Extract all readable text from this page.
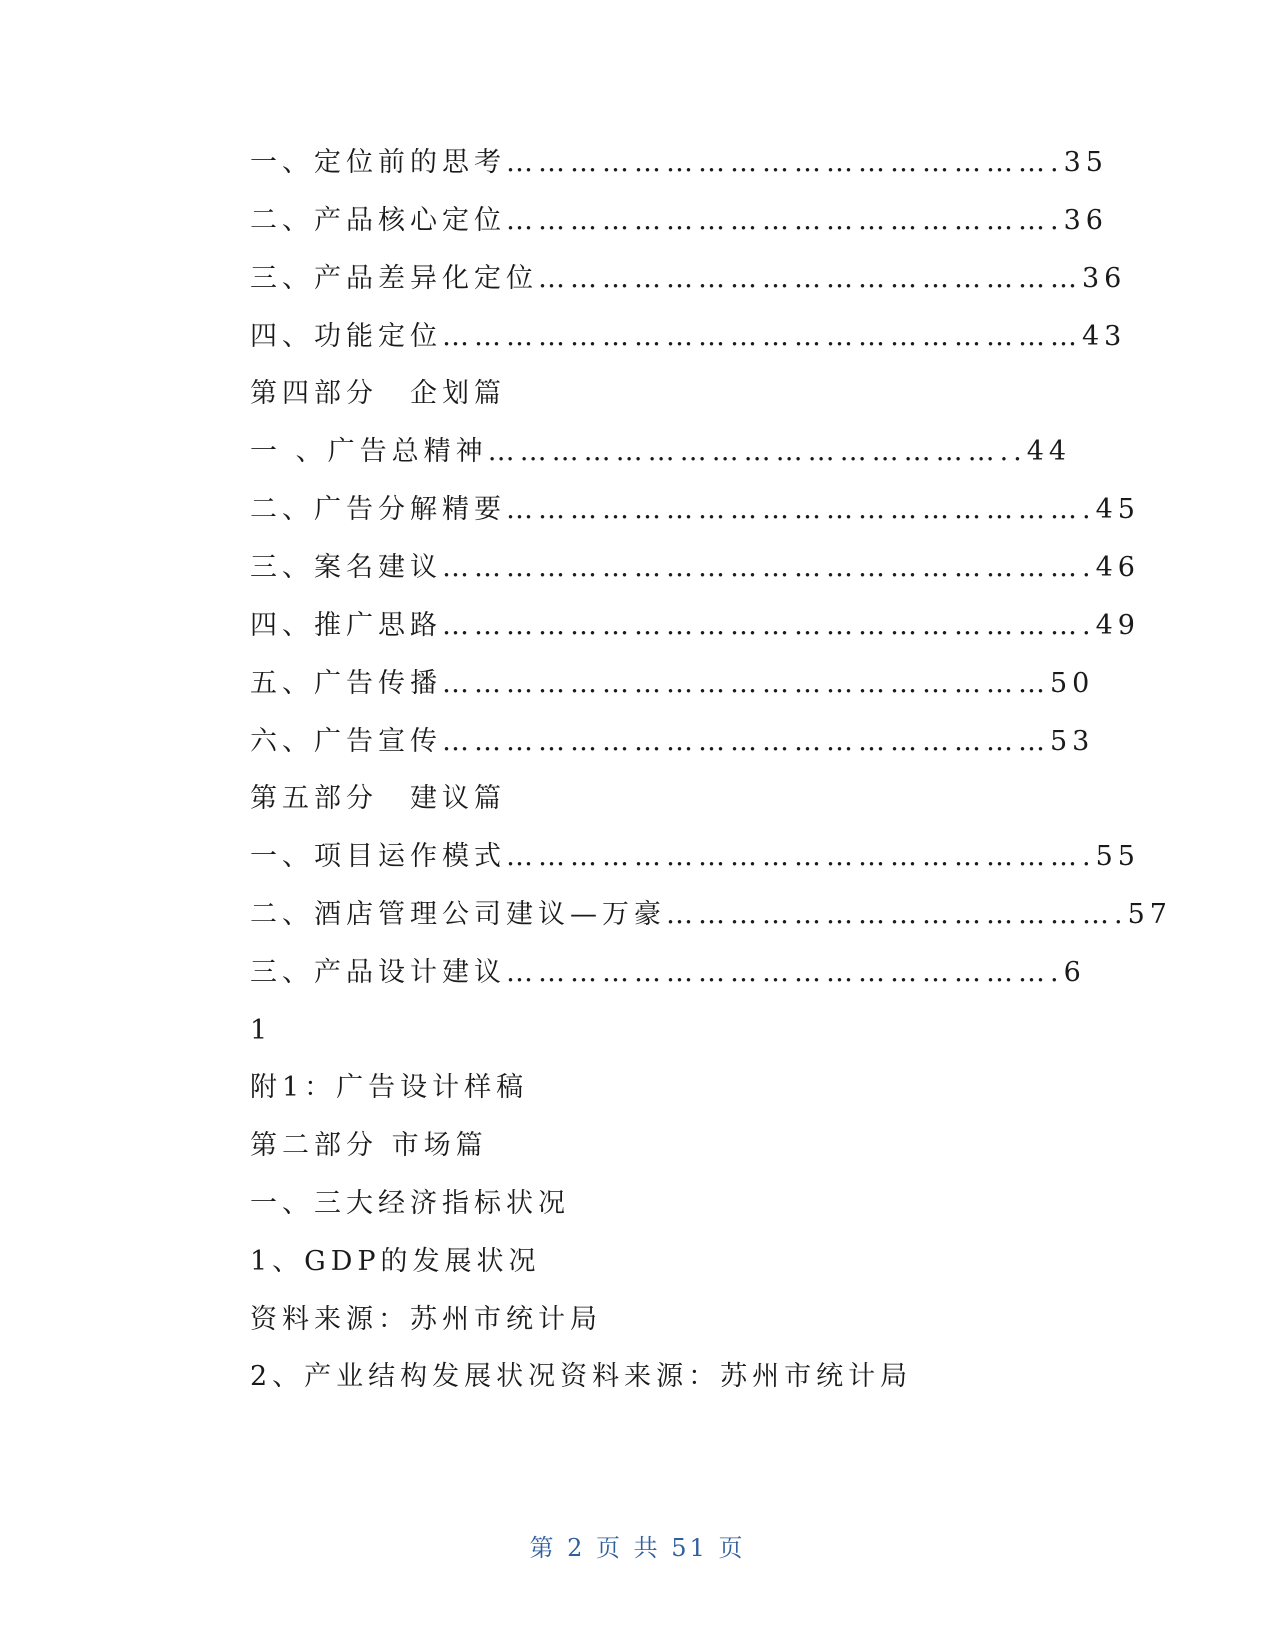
一、定位前的思考…………………………………………….35
二、产品核心定位…………………………………………….36
三、产品差异化定位……………………………………………36
四、功能定位……………………………………………………43
第四部分　企划篇
一 、广告总精神…………………………………………..44
二、广告分解精要……………………………………………….45
三、案名建议…………………………………………………….46
四、推广思路…………………………………………………….49
五、广告传播…………………………………………………50
六、广告宣传…………………………………………………53
第五部分　建议篇
一、项目运作模式……………………………………………….55
二、酒店管理公司建议—万豪…………………………………….57
三、产品设计建议…………………………………………….6
1
附1：广告设计样稿
第二部分 市场篇
一、三大经济指标状况
1、GDP的发展状况
资料来源：苏州市统计局
2、产业结构发展状况资料来源：苏州市统计局
第 2 页 共 51 页
